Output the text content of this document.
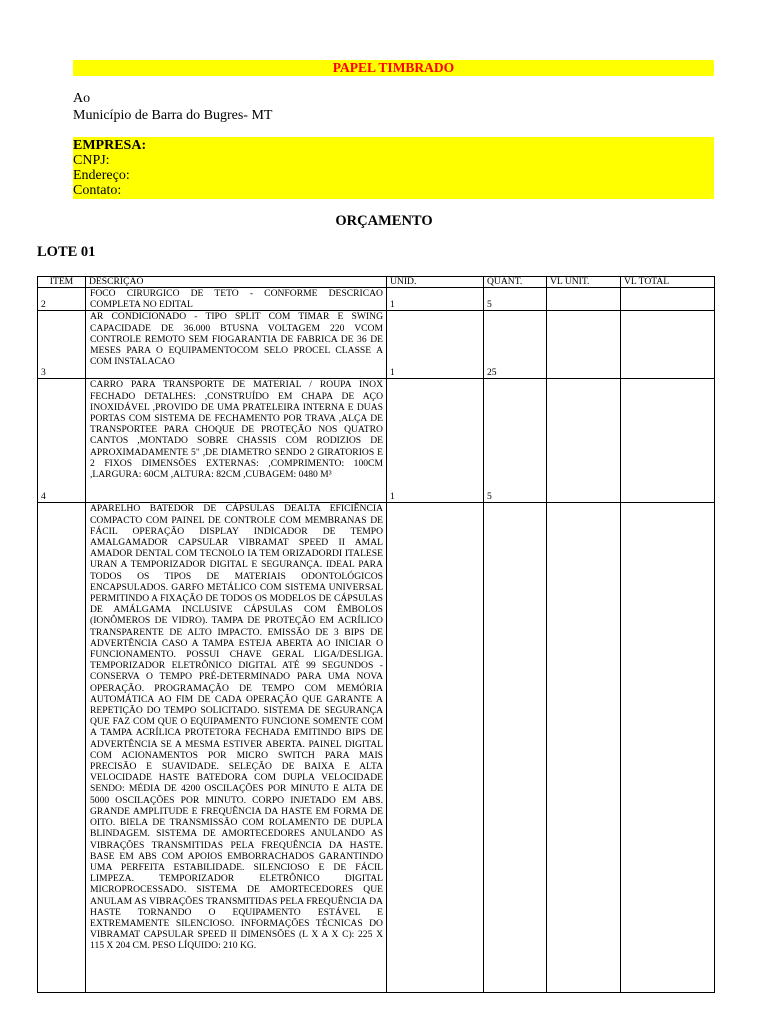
PAPEL TIMBRADO
Ao
Município de Barra do Bugres- MT
EMPRESA:
CNPJ:
Endereço:
Contato:
ORÇAMENTO
LOTE 01
ITEM	DESCRIÇÃO	UNID.	QUANT.	VL UNIT.	VL TOTAL
2	FOCO CIRURGICO DE TETO - CONFORME DESCRICAO COMPLETA NO EDITAL	1	5		
3	AR CONDICIONADO - TIPO SPLIT COM TIMAR E SWING CAPACIDADE DE 36.000 BTUSNA VOLTAGEM 220 VCOM CONTROLE REMOTO SEM FIOGARANTIA DE FABRICA DE 36 DE MESES PARA O EQUIPAMENTOCOM SELO PROCEL CLASSE A COM INSTALACAO	1	25		
4	CARRO PARA TRANSPORTE DE MATERIAL / ROUPA INOX FECHADO DETALHES: ,CONSTRUÍDO EM CHAPA DE AÇO INOXIDÁVEL ,PROVIDO DE UMA PRATELEIRA INTERNA E DUAS PORTAS COM SISTEMA DE FECHAMENTO POR TRAVA ,ALÇA DE TRANSPORTEE PARA CHOQUE DE PROTEÇÃO NOS QUATRO CANTOS ,MONTADO SOBRE CHASSIS COM RODIZIOS DE APROXIMADAMENTE 5" ,DE DIAMETRO SENDO 2 GIRATORIOS E 2 FIXOS DIMENSÕES EXTERNAS: ,COMPRIMENTO: 100CM ,LARGURA: 60CM ,ALTURA: 82CM ,CUBAGEM: 0480 M³	1	5		
	APARELHO BATEDOR DE CÁPSULAS DEALTA EFICIÊNCIA COMPACTO COM PAINEL DE CONTROLE COM MEMBRANAS DE FÁCIL OPERAÇÃO DISPLAY INDICADOR DE TEMPO AMALGAMADOR CAPSULAR VIBRAMAT SPEED II AMAL AMADOR DENTAL COM TECNOLO IA TEM ORIZADORDI ITALESE URAN A TEMPORIZADOR DIGITAL E SEGURANÇA. IDEAL PARA TODOS OS TIPOS DE MATERIAIS ODONTOLÓGICOS ENCAPSULADOS. GARFO METÁLICO COM SISTEMA UNIVERSAL PERMITINDO A FIXAÇÃO DE TODOS OS MODELOS DE CÁPSULAS DE AMÁLGAMA INCLUSIVE CÁPSULAS COM ÊMBOLOS (IONÔMEROS DE VIDRO). TAMPA DE PROTEÇÃO EM ACRÍLICO TRANSPARENTE DE ALTO IMPACTO. EMISSÃO DE 3 BIPS DE ADVERTÊNCIA CASO A TAMPA ESTEJA ABERTA AO INICIAR O FUNCIONAMENTO. POSSUI CHAVE GERAL LIGA/DESLIGA. TEMPORIZADOR ELETRÔNICO DIGITAL ATÉ 99 SEGUNDOS - CONSERVA O TEMPO PRÉ-DETERMINADO PARA UMA NOVA OPERAÇÃO. PROGRAMAÇÃO DE TEMPO COM MEMÓRIA AUTOMÁTICA AO FIM DE CADA OPERAÇÃO QUE GARANTE A REPETIÇÃO DO TEMPO SOLICITADO. SISTEMA DE SEGURANÇA QUE FAZ COM QUE O EQUIPAMENTO FUNCIONE SOMENTE COM A TAMPA ACRÍLICA PROTETORA FECHADA EMITINDO BIPS DE ADVERTÊNCIA SE A MESMA ESTIVER ABERTA. PAINEL DIGITAL COM ACIONAMENTOS POR MICRO SWITCH PARA MAIS PRECISÃO E SUAVIDADE. SELEÇÃO DE BAIXA E ALTA VELOCIDADE HASTE BATEDORA COM DUPLA VELOCIDADE SENDO: MÉDIA DE 4200 OSCILAÇÕES POR MINUTO E ALTA DE 5000 OSCILAÇÕES POR MINUTO. CORPO INJETADO EM ABS. GRANDE AMPLITUDE E FREQUÊNCIA DA HASTE EM FORMA DE OITO. BIELA DE TRANSMISSÃO COM ROLAMENTO DE DUPLA BLINDAGEM. SISTEMA DE AMORTECEDORES ANULANDO AS VIBRAÇÕES TRANSMITIDAS PELA FREQUÊNCIA DA HASTE. BASE EM ABS COM APOIOS EMBORRACHADOS GARANTINDO UMA PERFEITA ESTABILIDADE. SILENCIOSO E DE FÁCIL LIMPEZA. TEMPORIZADOR ELETRÔNICO DIGITAL MICROPROCESSADO. SISTEMA DE AMORTECEDORES QUE ANULAM AS VIBRAÇÕES TRANSMITIDAS PELA FREQUÊNCIA DA HASTE TORNANDO O EQUIPAMENTO ESTÁVEL E EXTREMAMENTE SILENCIOSO. INFORMAÇÕES TÉCNICAS DO VIBRAMAT CAPSULAR SPEED II DIMENSÕES (L X A X C): 225 X 115 X 204 CM. PESO LÍQUIDO: 210 KG.				
